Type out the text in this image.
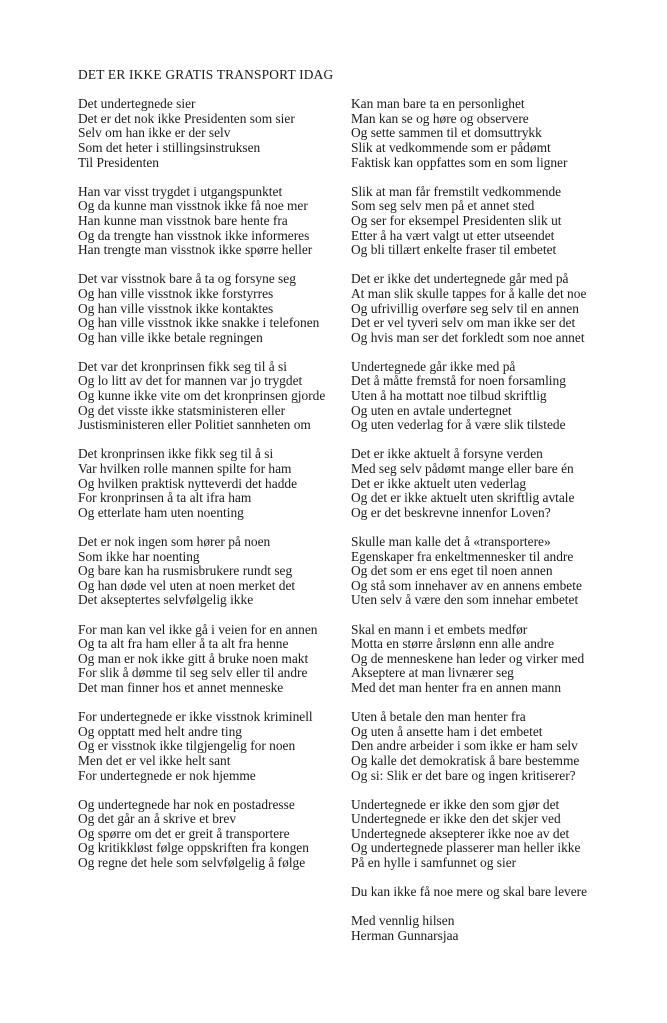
DET ER IKKE GRATIS TRANSPORT IDAG

Det undertegnede sier

Det er det nok ikke Presidenten som sier

Selv om han ikke er der selv

Som det heter i stillingsinstruksen

Til Presidenten

Han var visst trygdet i utgangspunktet

Og da kunne man visstnok ikke få noe mer

Han kunne man visstnok bare hente fra

Og da trengte han visstnok ikke informeres

Han trengte man visstnok ikke spørre heller

Det var visstnok bare å ta og forsyne seg

Og han ville visstnok ikke forstyrres

Og han ville visstnok ikke kontaktes

Og han ville visstnok ikke snakke i telefonen

Og han ville ikke betale regningen

Det var det kronprinsen fikk seg til å si

Og lo litt av det for mannen var jo trygdet

Og kunne ikke vite om det kronprinsen gjorde

Og det visste ikke statsministeren eller

Justisministeren eller Politiet sannheten om

Det kronprinsen ikke fikk seg til å si

Var hvilken rolle mannen spilte for ham

Og hvilken praktisk nytteverdi det hadde

For kronprinsen å ta alt ifra ham

Og etterlate ham uten noenting

Det er nok ingen som hører på noen

Som ikke har noenting

Og bare kan ha rusmisbrukere rundt seg

Og han døde vel uten at noen merket det

Det akseptertes selvfølgelig ikke

For man kan vel ikke gå i veien for en annen

Og ta alt fra ham eller å ta alt fra henne

Og man er nok ikke gitt å bruke noen makt

For slik å dømme til seg selv eller til andre

Det man finner hos et annet menneske

For undertegnede er ikke visstnok kriminell

Og opptatt med helt andre ting

Og er visstnok ikke tilgjengelig for noen

Men det er vel ikke helt sant

For undertegnede er nok hjemme

Og undertegnede har nok en postadresse

Og det går an å skrive et brev

Og spørre om det er greit å transportere

Og kritikkløst følge oppskriften fra kongen

Og regne det hele som selvfølgelig å følge

Kan man bare ta en personlighet

Man kan se og høre og observere

Og sette sammen til et domsuttrykk

Slik at vedkommende som er pådømt

Faktisk kan oppfattes som en som ligner

Slik at man får fremstilt vedkommende

Som seg selv men på et annet sted

Og ser for eksempel Presidenten slik ut

Etter å ha vært valgt ut etter utseendet

Og bli tillært enkelte fraser til embetet

Det er ikke det undertegnede går med på

At man slik skulle tappes for å kalle det noe

Og ufrivillig overføre seg selv til en annen

Det er vel tyveri selv om man ikke ser det

Og hvis man ser det forkledt som noe annet

Undertegnede går ikke med på

Det å måtte fremstå for noen forsamling

Uten å ha mottatt noe tilbud skriftlig

Og uten en avtale undertegnet

Og uten vederlag for å være slik tilstede

Det er ikke aktuelt å forsyne verden

Med seg selv pådømt mange eller bare én

Det er ikke aktuelt uten vederlag

Og det er ikke aktuelt uten skriftlig avtale

Og er det beskrevne innenfor Loven?

Skulle man kalle det å «transportere»

Egenskaper fra enkeltmennesker til andre

Og det som er ens eget til noen annen

Og stå som innehaver av en annens embete

Uten selv å være den som innehar embetet

Skal en mann i et embets medfør

Motta en større årslønn enn alle andre

Og de menneskene han leder og virker med

Akseptere at man livnærer seg

Med det man henter fra en annen mann

Uten å betale den man henter fra

Og uten å ansette ham i det embetet

Den andre arbeider i som ikke er ham selv

Og kalle det demokratisk å bare bestemme

Og si: Slik er det bare og ingen kritiserer?

Undertegnede er ikke den som gjør det

Undertegnede er ikke den det skjer ved

Undertegnede aksepterer ikke noe av det

Og undertegnede plasserer man heller ikke

På en hylle i samfunnet og sier

Du kan ikke få noe mere og skal bare levere

Med vennlig hilsen

Herman Gunnarsjaa
